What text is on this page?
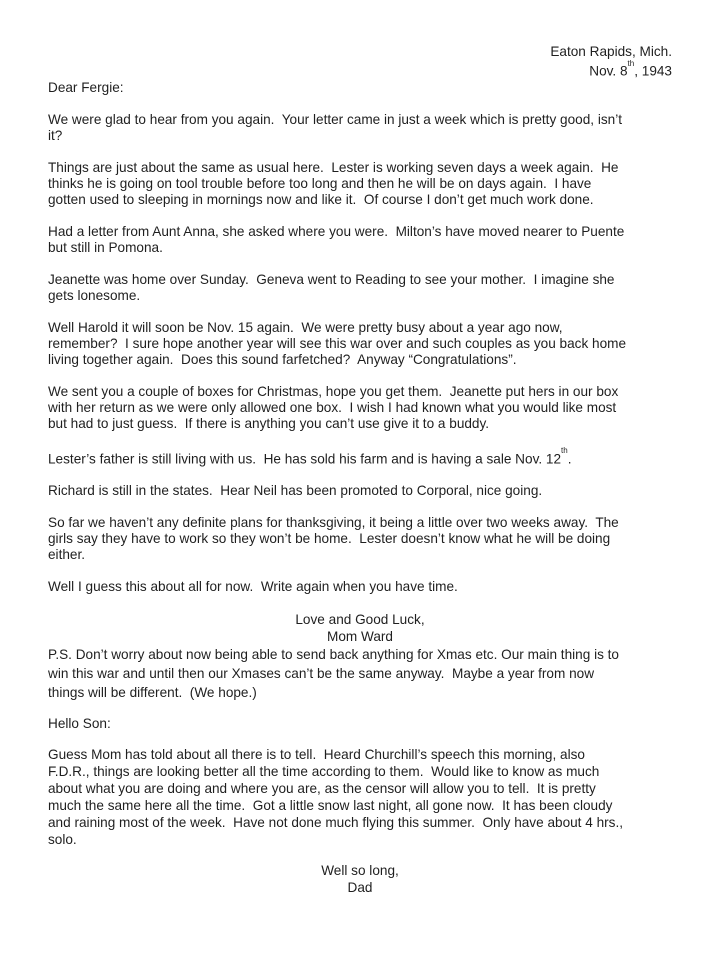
Eaton Rapids, Mich.
Nov. 8th, 1943
Dear Fergie:
We were glad to hear from you again.  Your letter came in just a week which is pretty good, isn’t
it?
Things are just about the same as usual here.  Lester is working seven days a week again.  He
thinks he is going on tool trouble before too long and then he will be on days again.  I have
gotten used to sleeping in mornings now and like it.  Of course I don’t get much work done.
Had a letter from Aunt Anna, she asked where you were.  Milton’s have moved nearer to Puente
but still in Pomona.
Jeanette was home over Sunday.  Geneva went to Reading to see your mother.  I imagine she
gets lonesome.
Well Harold it will soon be Nov. 15 again.  We were pretty busy about a year ago now,
remember?  I sure hope another year will see this war over and such couples as you back home
living together again.  Does this sound farfetched?  Anyway “Congratulations”.
We sent you a couple of boxes for Christmas, hope you get them.  Jeanette put hers in our box
with her return as we were only allowed one box.  I wish I had known what you would like most
but had to just guess.  If there is anything you can’t use give it to a buddy.
Lester’s father is still living with us.  He has sold his farm and is having a sale Nov. 12th.
Richard is still in the states.  Hear Neil has been promoted to Corporal, nice going.
So far we haven’t any definite plans for thanksgiving, it being a little over two weeks away.  The
girls say they have to work so they won’t be home.  Lester doesn’t know what he will be doing
either.
Well I guess this about all for now.  Write again when you have time.
Love and Good Luck,
Mom Ward
P.S. Don’t worry about now being able to send back anything for Xmas etc. Our main thing is to
win this war and until then our Xmases can’t be the same anyway.  Maybe a year from now
things will be different.  (We hope.)
Hello Son:
Guess Mom has told about all there is to tell.  Heard Churchill’s speech this morning, also
F.D.R., things are looking better all the time according to them.  Would like to know as much
about what you are doing and where you are, as the censor will allow you to tell.  It is pretty
much the same here all the time.  Got a little snow last night, all gone now.  It has been cloudy
and raining most of the week.  Have not done much flying this summer.  Only have about 4 hrs.,
solo.
Well so long,
Dad
